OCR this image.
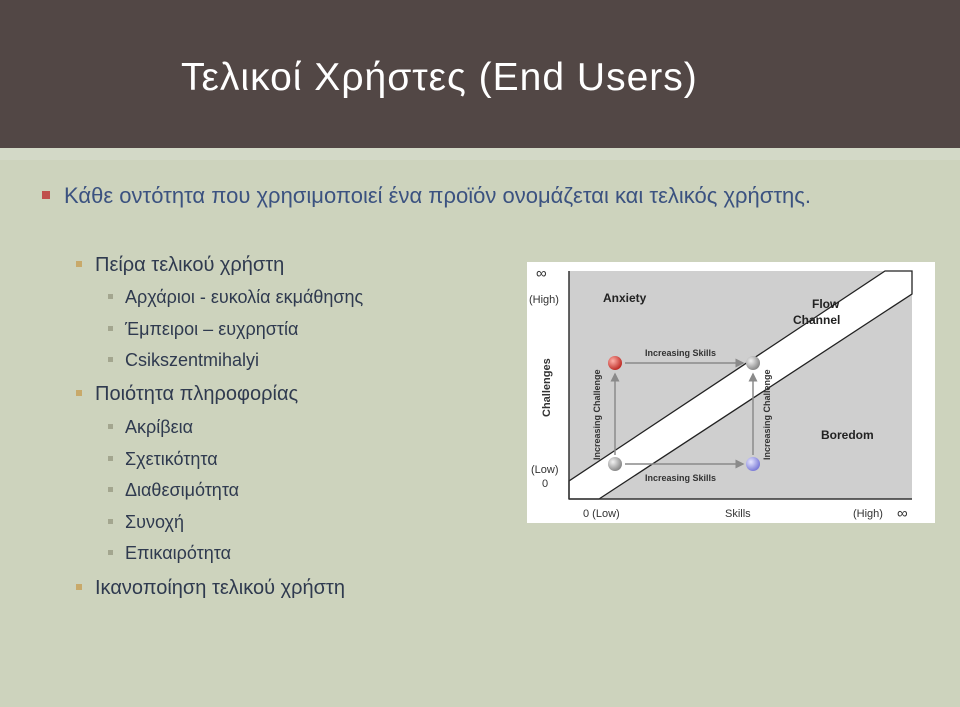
Τελικοί Χρήστες (End Users)
Κάθε οντότητα που χρησιμοποιεί ένα προϊόν ονομάζεται και τελικός χρήστης.
Πείρα τελικού χρήστη
Αρχάριοι - ευκολία εκμάθησης
Έμπειροι – ευχρηστία
Csikszentmihalyi
Ποιότητα πληροφορίας
Ακρίβεια
Σχετικότητα
Διαθεσιμότητα
Συνοχή
Επικαιρότητα
Ικανοποίηση τελικού χρήστη
Anxiety	Flow
Channel
Boredom
Increasing Skills
Increasing Skills
Increasing Challenge	Increasing Challenge
∞
(High)
Challenges
(Low)
0
0 (Low)	Skills	(High) ∞
